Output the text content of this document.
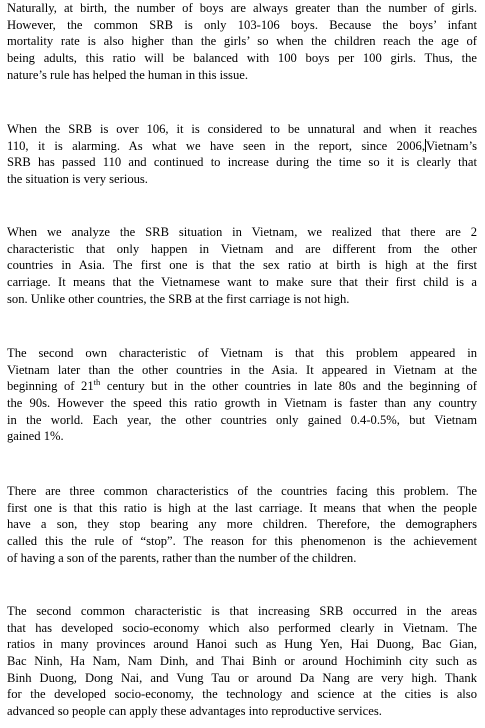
Naturally, at birth, the number of boys are always greater than the number of girls.
However, the common SRB is only 103-106 boys. Because the boys’ infant
mortality rate is also higher than the girls’ so when the children reach the age of
being adults, this ratio will be balanced with 100 boys per 100 girls. Thus, the
nature’s rule has helped the human in this issue.

When the SRB is over 106, it is considered to be unnatural and when it reaches
110, it is alarming. As what we have seen in the report, since 2006,Vietnam’s
SRB has passed 110 and continued to increase during the time so it is clearly that
the situation is very serious.

When we analyze the SRB situation in Vietnam, we realized that there are 2
characteristic that only happen in Vietnam and are different from the other
countries in Asia. The first one is that the sex ratio at birth is high at the first
carriage. It means that the Vietnamese want to make sure that their first child is a
son. Unlike other countries, the SRB at the first carriage is not high.

The second own characteristic of Vietnam is that this problem appeared in
Vietnam later than the other countries in the Asia. It appeared in Vietnam at the
beginning of 21th century but in the other countries in late 80s and the beginning of
the 90s. However the speed this ratio growth in Vietnam is faster than any country
in the world. Each year, the other countries only gained 0.4-0.5%, but Vietnam
gained 1%.

There are three common characteristics of the countries facing this problem. The
first one is that this ratio is high at the last carriage. It means that when the people
have a son, they stop bearing any more children. Therefore, the demographers
called this the rule of “stop”. The reason for this phenomenon is the achievement
of having a son of the parents, rather than the number of the children.

The second common characteristic is that increasing SRB occurred in the areas
that has developed socio-economy which also performed clearly in Vietnam. The
ratios in many provinces around Hanoi such as Hung Yen, Hai Duong, Bac Gian,
Bac Ninh, Ha Nam, Nam Dinh, and Thai Binh or around Hochiminh city such as
Binh Duong, Dong Nai, and Vung Tau or around Da Nang are very high. Thank
for the developed socio-economy, the technology and science at the cities is also
advanced so people can apply these advantages into reproductive services.
